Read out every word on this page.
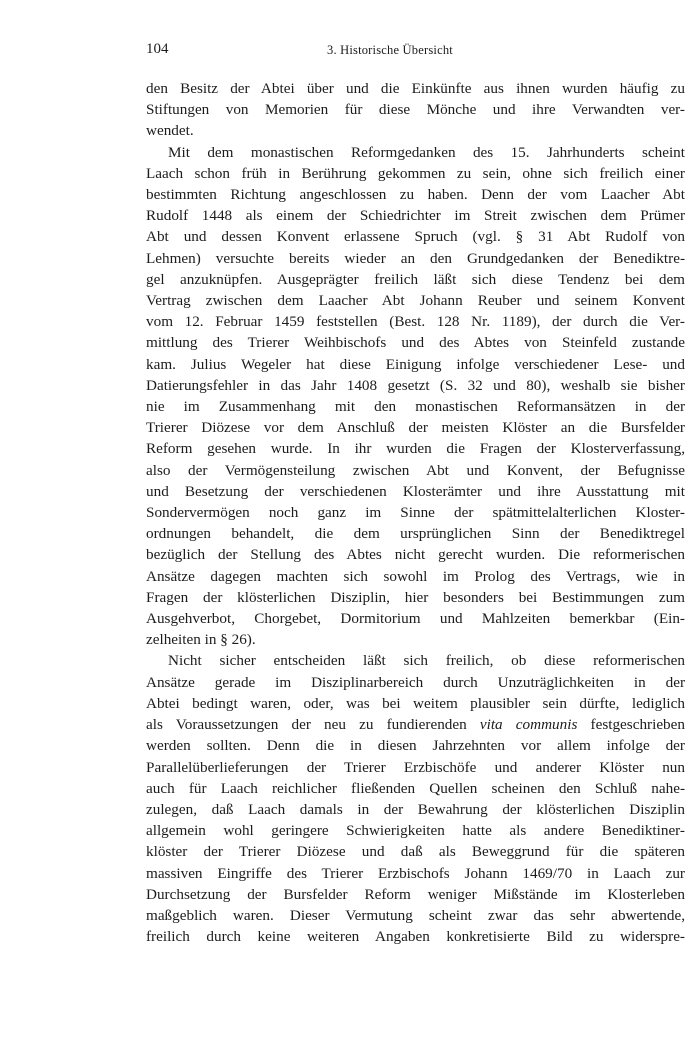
104	3. Historische Übersicht
den Besitz der Abtei über und die Einkünfte aus ihnen wurden häufig zu
Stiftungen von Memorien für diese Mönche und ihre Verwandten ver-
wendet.
Mit dem monastischen Reformgedanken des 15. Jahrhunderts scheint
Laach schon früh in Berührung gekommen zu sein, ohne sich freilich einer
bestimmten Richtung angeschlossen zu haben. Denn der vom Laacher Abt
Rudolf 1448 als einem der Schiedrichter im Streit zwischen dem Prümer
Abt und dessen Konvent erlassene Spruch (vgl. § 31 Abt Rudolf von
Lehmen) versuchte bereits wieder an den Grundgedanken der Benediktre-
gel anzuknüpfen. Ausgeprägter freilich läßt sich diese Tendenz bei dem
Vertrag zwischen dem Laacher Abt Johann Reuber und seinem Konvent
vom 12. Februar 1459 feststellen (Best. 128 Nr. 1189), der durch die Ver-
mittlung des Trierer Weihbischofs und des Abtes von Steinfeld zustande
kam. Julius Wegeler hat diese Einigung infolge verschiedener Lese- und
Datierungsfehler in das Jahr 1408 gesetzt (S. 32 und 80), weshalb sie bisher
nie im Zusammenhang mit den monastischen Reformansätzen in der
Trierer Diözese vor dem Anschluß der meisten Klöster an die Bursfelder
Reform gesehen wurde. In ihr wurden die Fragen der Klosterverfassung,
also der Vermögensteilung zwischen Abt und Konvent, der Befugnisse
und Besetzung der verschiedenen Klosterämter und ihre Ausstattung mit
Sondervermögen noch ganz im Sinne der spätmittelalterlichen Kloster-
ordnungen behandelt, die dem ursprünglichen Sinn der Benediktregel
bezüglich der Stellung des Abtes nicht gerecht wurden. Die reformerischen
Ansätze dagegen machten sich sowohl im Prolog des Vertrags, wie in
Fragen der klösterlichen Disziplin, hier besonders bei Bestimmungen zum
Ausgehverbot, Chorgebet, Dormitorium und Mahlzeiten bemerkbar (Ein-
zelheiten in § 26).
Nicht sicher entscheiden läßt sich freilich, ob diese reformerischen
Ansätze gerade im Disziplinarbereich durch Unzuträglichkeiten in der
Abtei bedingt waren, oder, was bei weitem plausibler sein dürfte, lediglich
als Voraussetzungen der neu zu fundierenden vita communis festgeschrieben
werden sollten. Denn die in diesen Jahrzehnten vor allem infolge der
Parallelüberlieferungen der Trierer Erzbischöfe und anderer Klöster nun
auch für Laach reichlicher fließenden Quellen scheinen den Schluß nahe-
zulegen, daß Laach damals in der Bewahrung der klösterlichen Disziplin
allgemein wohl geringere Schwierigkeiten hatte als andere Benediktiner-
klöster der Trierer Diözese und daß als Beweggrund für die späteren
massiven Eingriffe des Trierer Erzbischofs Johann 1469/70 in Laach zur
Durchsetzung der Bursfelder Reform weniger Mißstände im Klosterleben
maßgeblich waren. Dieser Vermutung scheint zwar das sehr abwertende,
freilich durch keine weiteren Angaben konkretisierte Bild zu widerspre-
